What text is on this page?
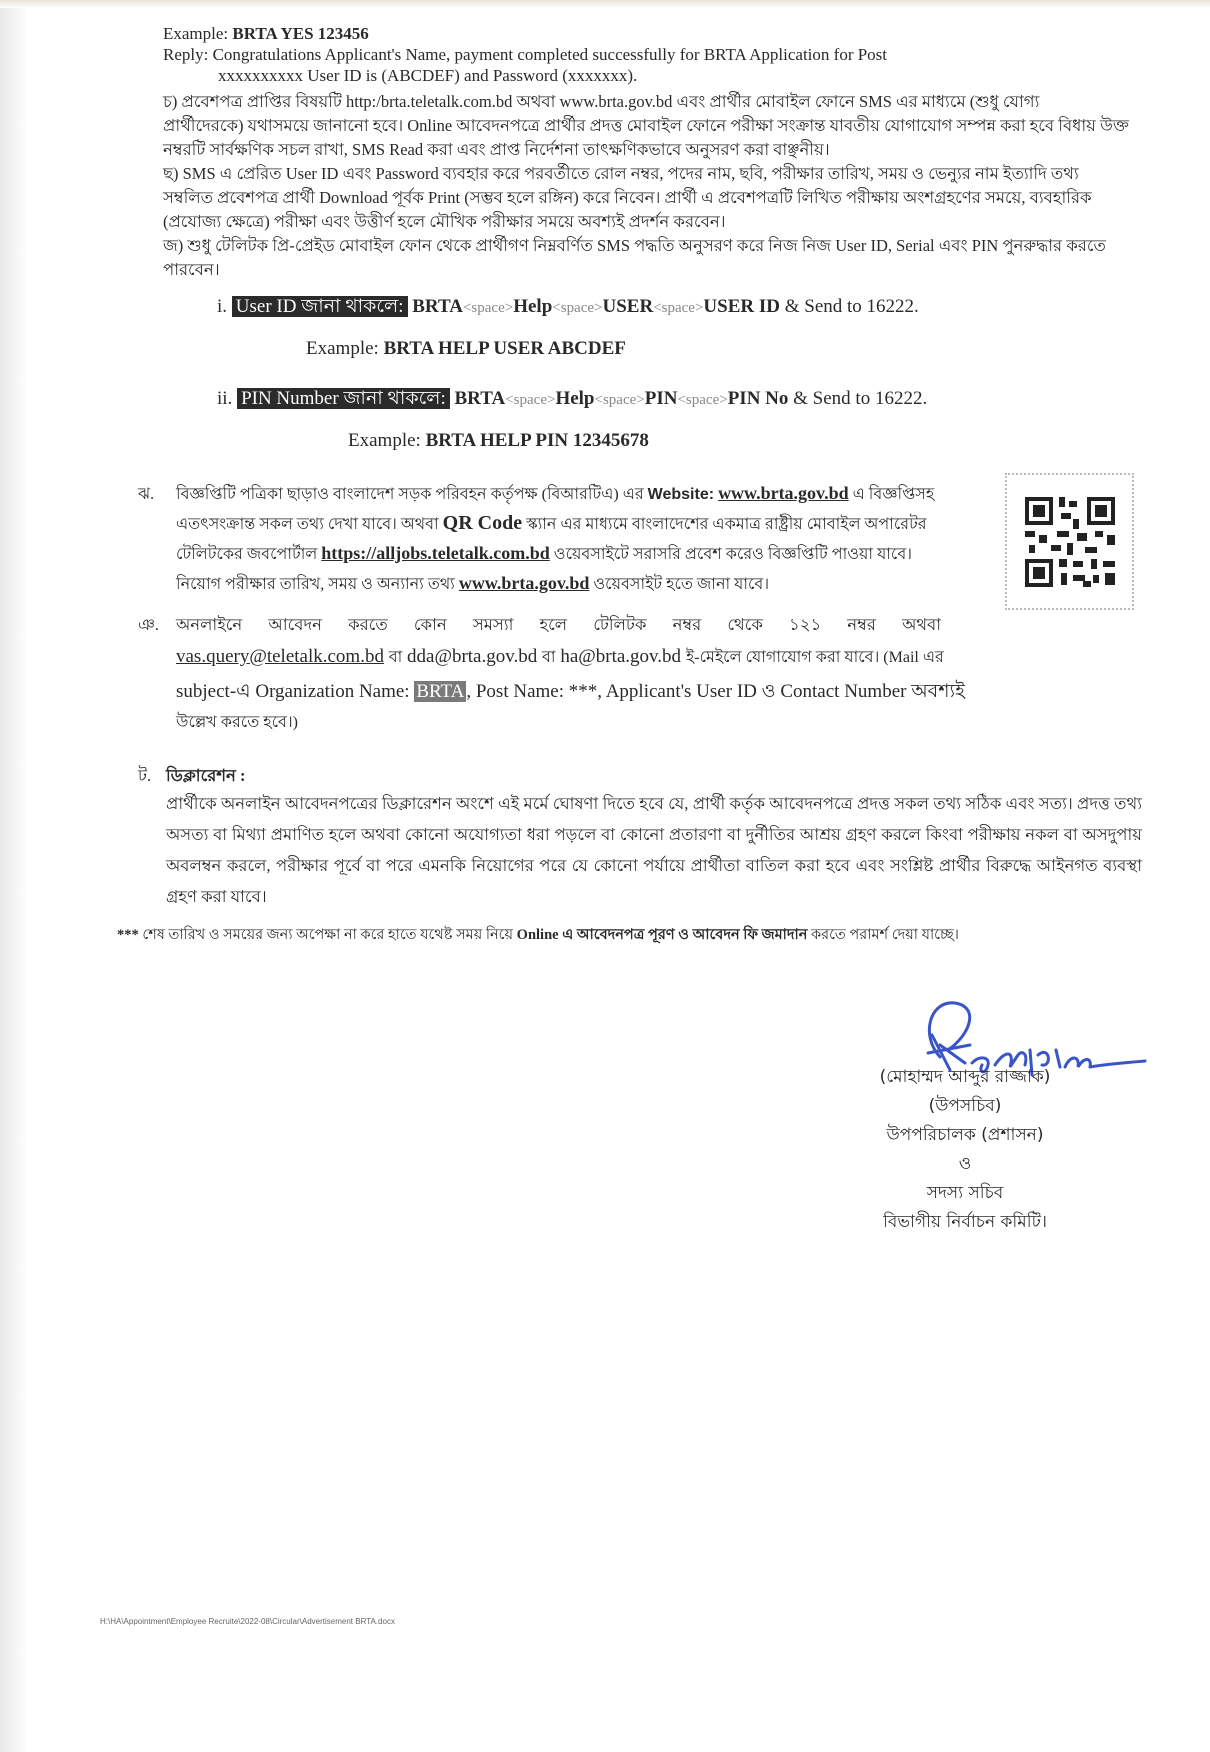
Example: BRTA YES 123456
Reply: Congratulations Applicant's Name, payment completed successfully for BRTA Application for Post
xxxxxxxxxx User ID is (ABCDEF) and Password (xxxxxxx).
চ) প্রবেশপত্র প্রাপ্তির বিষয়টি http:/brta.teletalk.com.bd অথবা www.brta.gov.bd এবং প্রার্থীর মোবাইল ফোনে SMS এর মাধ্যমে (শুধু যোগ্য
প্রার্থীদেরকে) যথাসময়ে জানানো হবে। Online আবেদনপত্রে প্রার্থীর প্রদত্ত মোবাইল ফোনে পরীক্ষা সংক্রান্ত যাবতীয় যোগাযোগ সম্পন্ন করা হবে বিধায় উক্ত
নম্বরটি সার্বক্ষণিক সচল রাখা, SMS Read করা এবং প্রাপ্ত নির্দেশনা তাৎক্ষণিকভাবে অনুসরণ করা বাঞ্ছনীয়।
ছ) SMS এ প্রেরিত User ID এবং Password ব্যবহার করে পরবর্তীতে রোল নম্বর, পদের নাম, ছবি, পরীক্ষার তারিখ, সময় ও ভেন্যুর নাম ইত্যাদি তথ্য
সম্বলিত প্রবেশপত্র প্রার্থী Download পূর্বক Print (সম্ভব হলে রঙ্গিন) করে নিবেন। প্রার্থী এ প্রবেশপত্রটি লিখিত পরীক্ষায় অংশগ্রহণের সময়ে, ব্যবহারিক
(প্রযোজ্য ক্ষেত্রে) পরীক্ষা এবং উত্তীর্ণ হলে মৌখিক পরীক্ষার সময়ে অবশ্যই প্রদর্শন করবেন।
জ) শুধু টেলিটক প্রি-প্রেইড মোবাইল ফোন থেকে প্রার্থীগণ নিম্নবর্ণিত SMS পদ্ধতি অনুসরণ করে নিজ নিজ User ID, Serial এবং PIN পুনরুদ্ধার করতে
পারবেন।
i. User ID জানা থাকলে: BRTA<space>Help<space>USER<space>USER ID & Send to 16222.
Example: BRTA HELP USER ABCDEF
ii. PIN Number জানা থাকলে: BRTA<space>Help<space>PIN<space>PIN No & Send to 16222.
Example: BRTA HELP PIN 12345678
ঝ. বিজ্ঞপ্তিটি পত্রিকা ছাড়াও বাংলাদেশ সড়ক পরিবহন কর্তৃপক্ষ (বিআরটিএ) এর Website: www.brta.gov.bd এ বিজ্ঞপ্তিসহ
এতৎসংক্রান্ত সকল তথ্য দেখা যাবে। অথবা QR Code স্ক্যান এর মাধ্যমে বাংলাদেশের একমাত্র রাষ্ট্রীয় মোবাইল অপারেটর
টেলিটকের জবপোর্টাল https://alljobs.teletalk.com.bd ওয়েবসাইটে সরাসরি প্রবেশ করেও বিজ্ঞপ্তিটি পাওয়া যাবে।
নিয়োগ পরীক্ষার তারিখ, সময় ও অন্যান্য তথ্য www.brta.gov.bd ওয়েবসাইট হতে জানা যাবে।
ঞ. অনলাইনে আবেদন করতে কোন সমস্যা হলে টেলিটক নম্বর থেকে ১২১ নম্বর অথবা
vas.query@teletalk.com.bd বা dda@brta.gov.bd বা ha@brta.gov.bd ই-মেইলে যোগাযোগ করা যাবে। (Mail এর
subject-এ Organization Name: BRTA , Post Name: ***, Applicant's User ID ও Contact Number অবশ্যই
উল্লেখ করতে হবে।)
ট. ডিক্লারেশন :
প্রার্থীকে অনলাইন আবেদনপত্রের ডিক্লারেশন অংশে এই মর্মে ঘোষণা দিতে হবে যে, প্রার্থী কর্তৃক আবেদনপত্রে প্রদত্ত সকল তথ্য সঠিক এবং সত্য। প্রদত্ত তথ্য অসত্য বা মিথ্যা প্রমাণিত হলে অথবা কোনো অযোগ্যতা ধরা পড়লে বা কোনো প্রতারণা বা দুর্নীতির আশ্রয় গ্রহণ করলে কিংবা পরীক্ষায় নকল বা অসদুপায় অবলম্বন করলে, পরীক্ষার পূর্বে বা পরে এমনকি নিয়োগের পরে যে কোনো পর্যায়ে প্রার্থীতা বাতিল করা হবে এবং সংশ্লিষ্ট প্রার্থীর বিরুদ্ধে আইনগত ব্যবস্থা গ্রহণ করা যাবে।
*** শেষ তারিখ ও সময়ের জন্য অপেক্ষা না করে হাতে যথেষ্ট সময় নিয়ে Online এ আবেদনপত্র পূরণ ও আবেদন ফি জমাদান করতে পরামর্শ দেয়া যাচ্ছে।
(মোহাম্মদ আব্দুর রাজ্জাক)
(উপসচিব)
উপপরিচালক (প্রশাসন)
ও
সদস্য সচিব
বিভাগীয় নির্বাচন কমিটি।
H:\HA\Appointment\Employee Recruite\2022-08\Circular\Advertisement BRTA.docx
